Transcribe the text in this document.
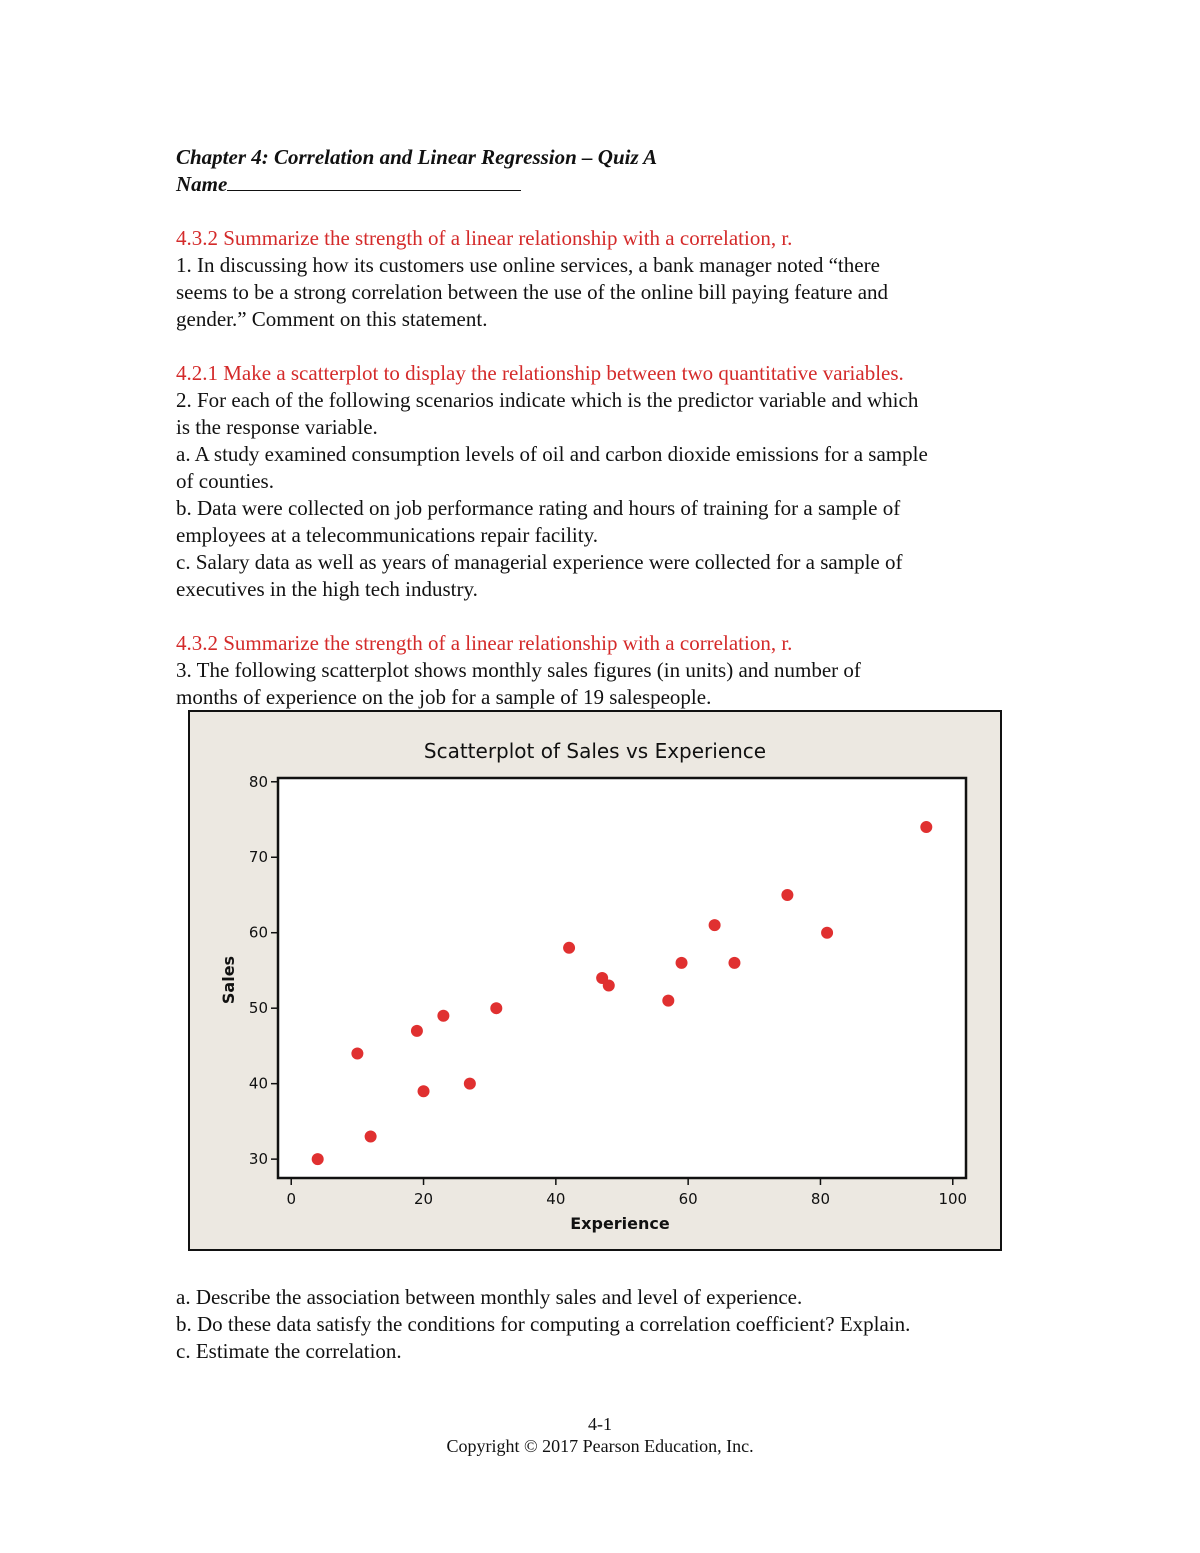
Chapter 4: Correlation and Linear Regression – Quiz A
Name
4.3.2 Summarize the strength of a linear relationship with a correlation, r.
1. In discussing how its customers use online services, a bank manager noted “there
seems to be a strong correlation between the use of the online bill paying feature and
gender.” Comment on this statement.
4.2.1 Make a scatterplot to display the relationship between two quantitative variables.
2. For each of the following scenarios indicate which is the predictor variable and which
is the response variable.
a. A study examined consumption levels of oil and carbon dioxide emissions for a sample
of counties.
b. Data were collected on job performance rating and hours of training for a sample of
employees at a telecommunications repair facility.
c. Salary data as well as years of managerial experience were collected for a sample of
executives in the high tech industry.
4.3.2 Summarize the strength of a linear relationship with a correlation, r.
3. The following scatterplot shows monthly sales figures (in units) and number of
months of experience on the job for a sample of 19 salespeople.
Scatterplot of Sales vs Experience
0	20	40	60	80	100
30
40
50
60
70
80
Experience
Sales
a. Describe the association between monthly sales and level of experience.
b. Do these data satisfy the conditions for computing a correlation coefficient? Explain.
c. Estimate the correlation.
4-1
Copyright © 2017 Pearson Education, Inc.
